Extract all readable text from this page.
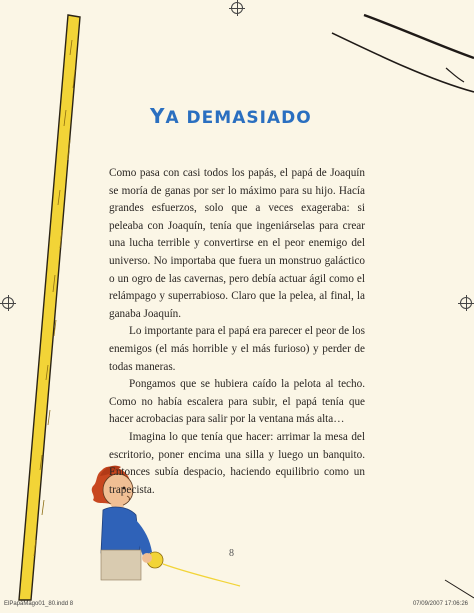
YA DEMASIADO

Como pasa con casi todos los papás, el papá de Joaquín se moría de ganas por ser lo máximo para su hijo. Hacía grandes esfuerzos, solo que a veces exageraba: si peleaba con Joaquín, tenía que ingeniárselas para crear una lucha terrible y convertirse en el peor enemigo del universo. No importaba que fuera un monstruo galáctico o un ogro de las cavernas, pero debía actuar ágil como el relámpago y superrabioso. Claro que la pelea, al final, la ganaba Joaquín.

Lo importante para el papá era parecer el peor de los enemigos (el más horrible y el más furioso) y perder de todas maneras.

Pongamos que se hubiera caído la pelota al techo. Como no había escalera para subir, el papá tenía que hacer acrobacias para salir por la ventana más alta…

Imagina lo que tenía que hacer: arrimar la mesa del escritorio, poner encima una silla y luego un banquito. Entonces subía despacio, haciendo equilibrio como un trapecista.

8
ElPapáMago01_80.indd 8	07/09/2007 17:06:26
